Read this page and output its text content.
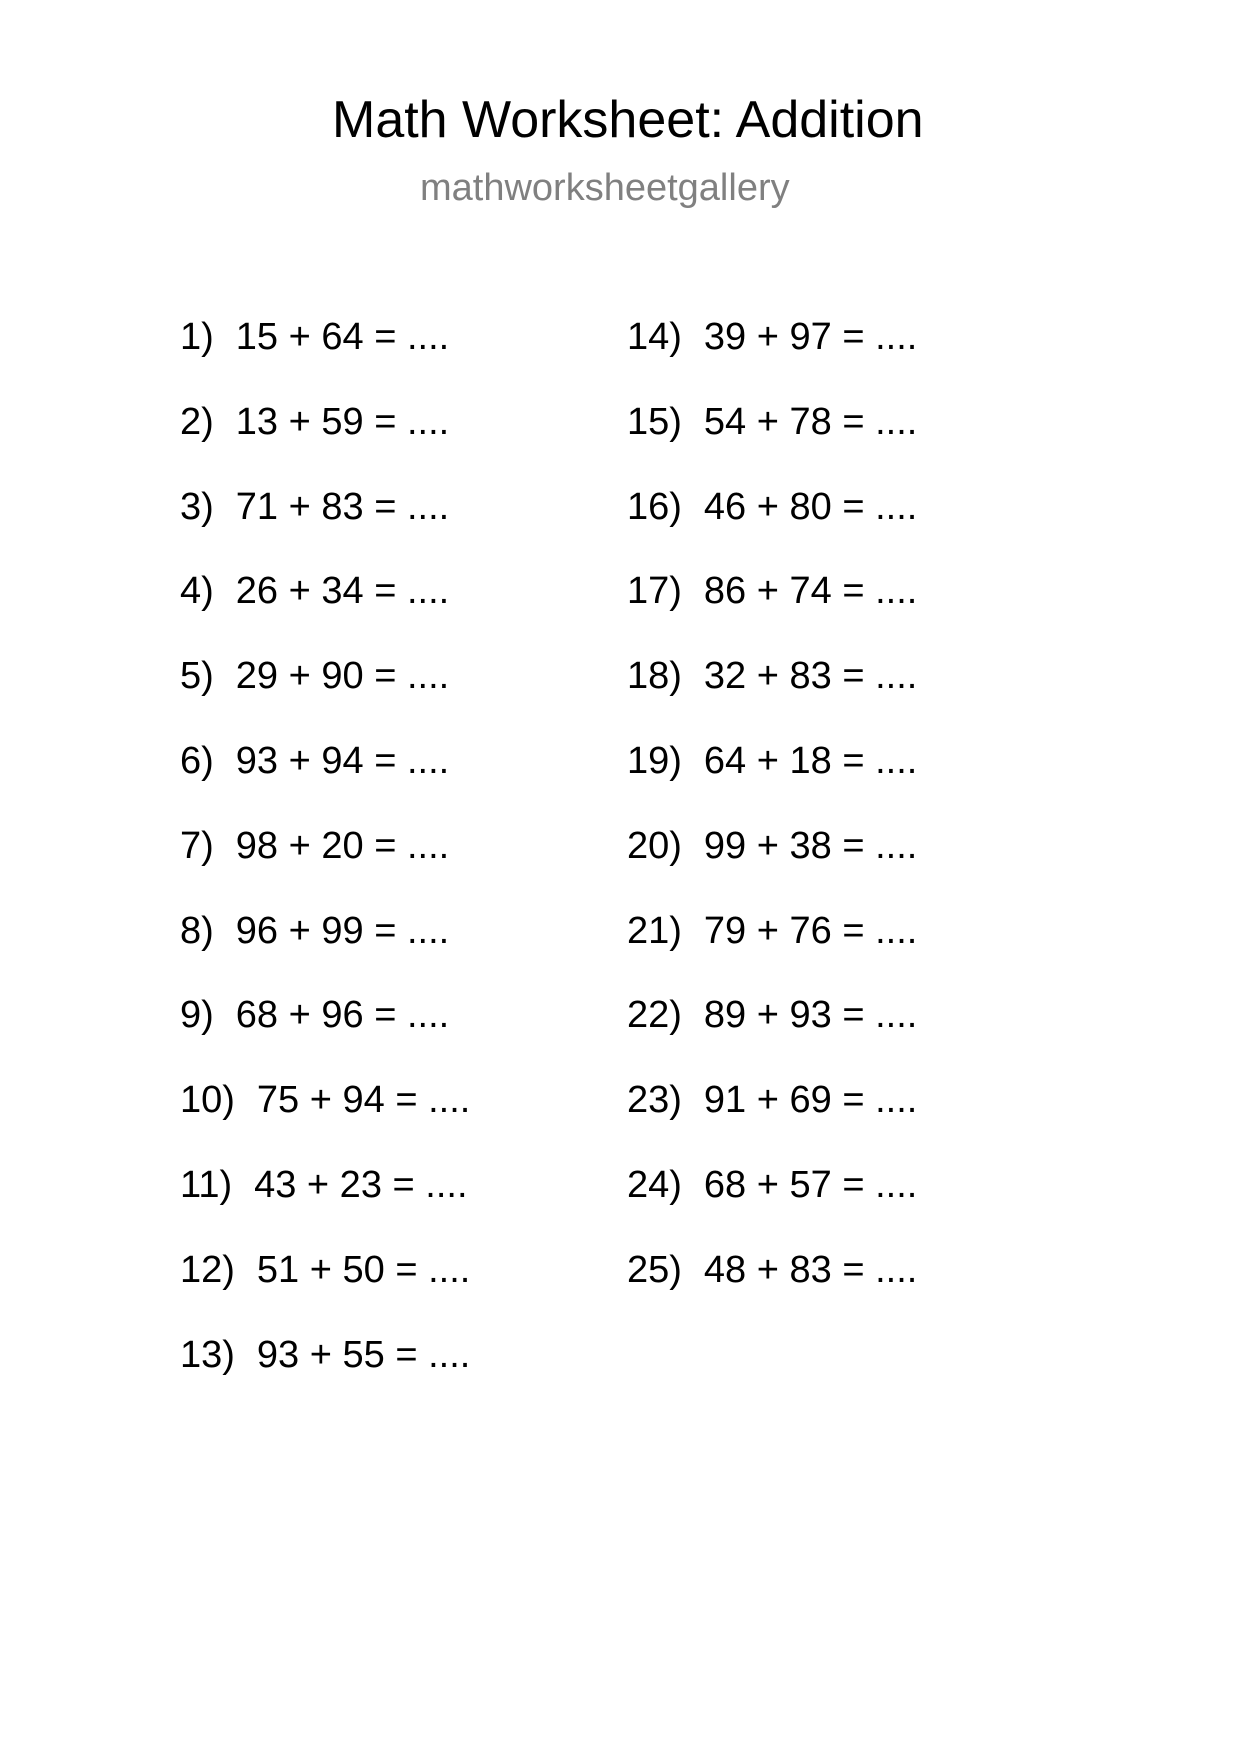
Math Worksheet: Addition
mathworksheetgallery
1) 15 + 64 =
....
2) 13 + 59 =
....
3) 71 + 83 =
....
4) 26 + 34 =
....
5) 29 + 90 =
....
6) 93 + 94 =
....
7) 98 + 20 =
....
8) 96 + 99 =
....
9) 68 + 96 =
....
10) 75 + 94 =
....
11) 43 + 23 =
....
12) 51 + 50 =
....
13) 93 + 55 =
....
14) 39 + 97 =
....
15) 54 + 78 =
....
16) 46 + 80 =
....
17) 86 + 74 =
....
18) 32 + 83 =
....
19) 64 + 18 =
....
20) 99 + 38 =
....
21) 79 + 76 =
....
22) 89 + 93 =
....
23) 91 + 69 =
....
24) 68 + 57 =
....
25) 48 + 83 =
....
